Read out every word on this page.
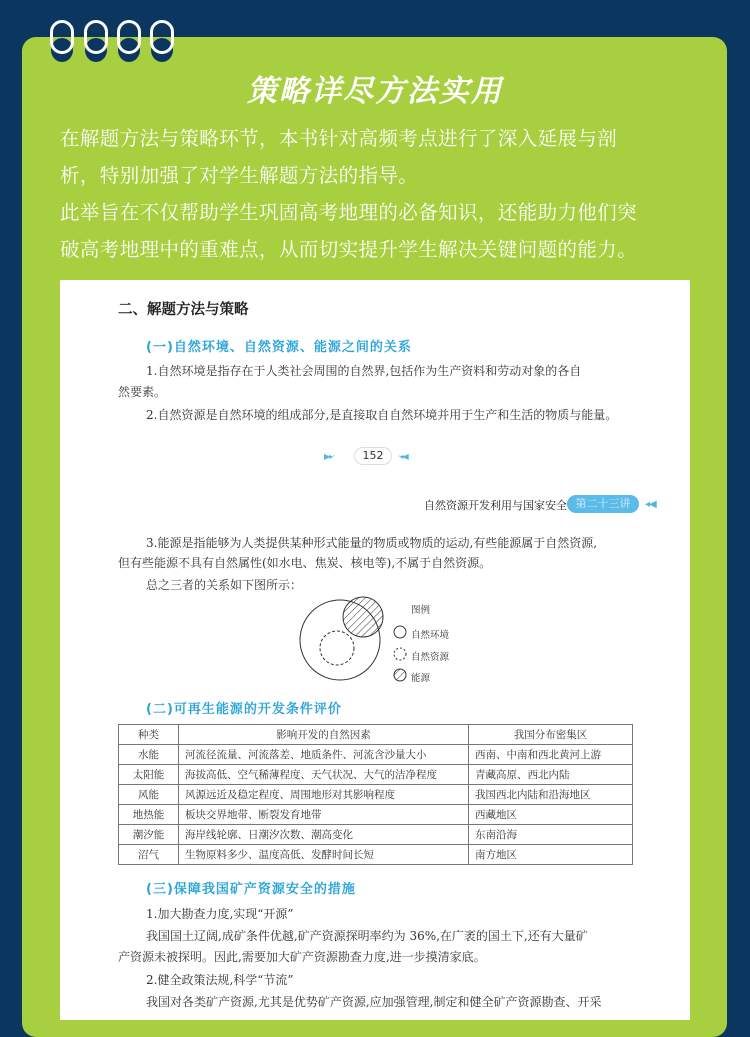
策略详尽方法实用
在解题方法与策略环节，本书针对高频考点进行了深入延展与剖
析，特别加强了对学生解题方法的指导。
此举旨在不仅帮助学生巩固高考地理的必备知识，还能助力他们突
破高考地理中的重难点，从而切实提升学生解决关键问题的能力。
二、解题方法与策略
(一)自然环境、自然资源、能源之间的关系
1.自然环境是指存在于人类社会周围的自然界,包括作为生产资料和劳动对象的各自
然要素。
2.自然资源是自然环境的组成部分,是直接取自自然环境并用于生产和生活的物质与能量。
▶▸·	152	·◂◀
自然资源开发利用与国家安全 第二十三讲	◂◀
3.能源是指能够为人类提供某种形式能量的物质或物质的运动,有些能源属于自然资源,
但有些能源不具有自然属性(如水电、焦炭、核电等),不属于自然资源。
总之三者的关系如下图所示：
图例
自然环境
自然资源
能源
(二)可再生能源的开发条件评价
种类	影响开发的自然因素	我国分布密集区
水能	河流径流量、河流落差、地质条件、河流含沙量大小	西南、中南和西北黄河上游
太阳能	海拔高低、空气稀薄程度、天气状况、大气的洁净程度	青藏高原、西北内陆
风能	风源远近及稳定程度、周围地形对其影响程度	我国西北内陆和沿海地区
地热能	板块交界地带、断裂发育地带	西藏地区
潮汐能	海岸线轮廓、日潮汐次数、潮高变化	东南沿海
沼气	生物原料多少、温度高低、发酵时间长短	南方地区
(三)保障我国矿产资源安全的措施
1.加大勘查力度,实现“开源”
我国国土辽阔,成矿条件优越,矿产资源探明率约为 36%,在广袤的国土下,还有大量矿
产资源未被探明。因此,需要加大矿产资源勘查力度,进一步摸清家底。
2.健全政策法规,科学“节流”
我国对各类矿产资源,尤其是优势矿产资源,应加强管理,制定和健全矿产资源勘查、开采
